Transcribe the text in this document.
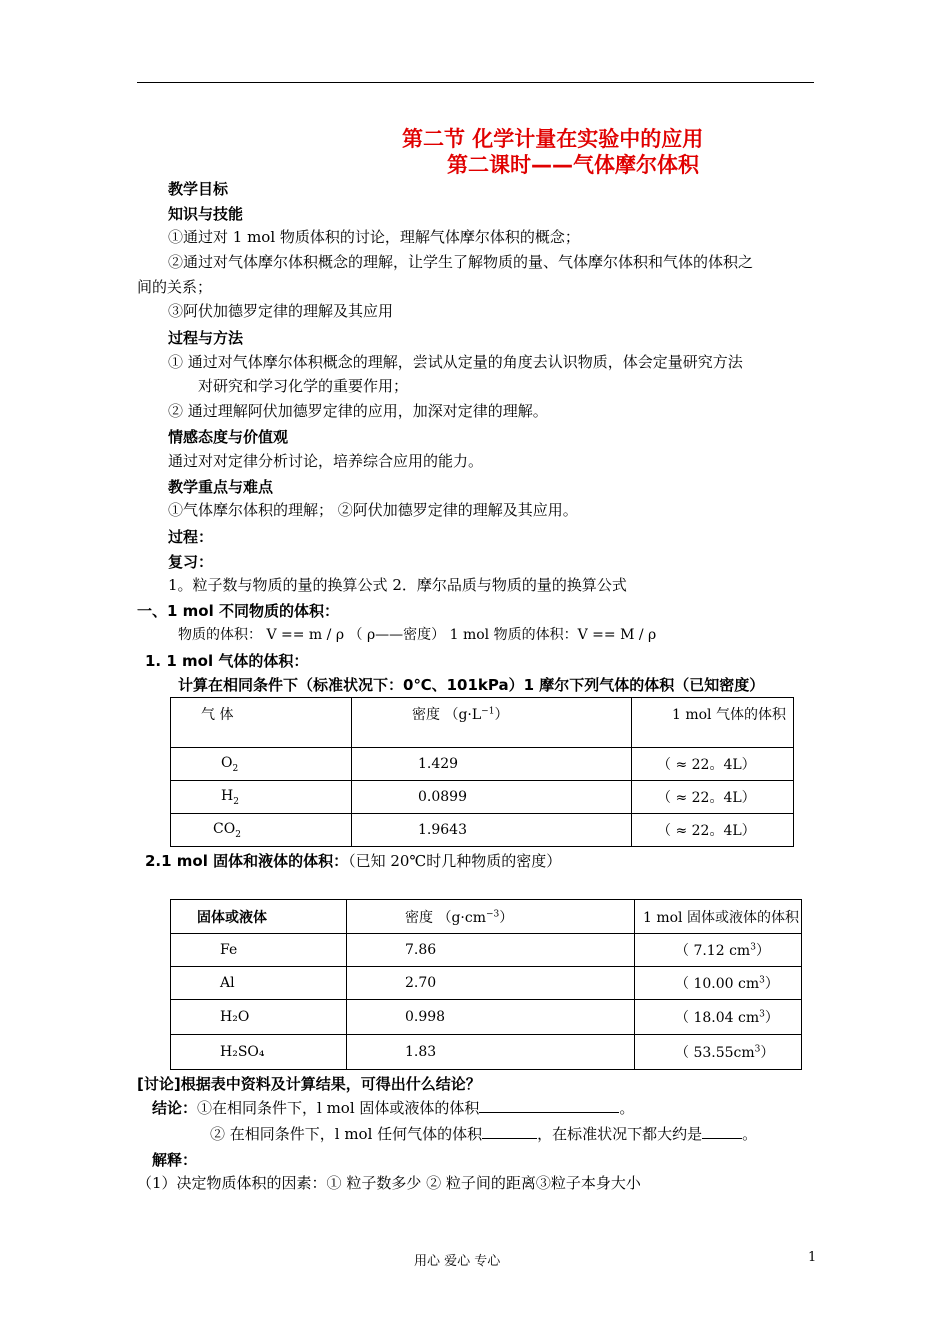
第二节 化学计量在实验中的应用
第二课时——气体摩尔体积
教学目标
知识与技能
①通过对 1 mol 物质体积的讨论，理解气体摩尔体积的概念；
②通过对气体摩尔体积概念的理解，让学生了解物质的量、气体摩尔体积和气体的体积之
间的关系；
③阿伏加德罗定律的理解及其应用
过程与方法
① 通过对气体摩尔体积概念的理解，尝试从定量的角度去认识物质，体会定量研究方法
对研究和学习化学的重要作用；
② 通过理解阿伏加德罗定律的应用，加深对定律的理解。
情感态度与价值观
通过对对定律分析讨论，培养综合应用的能力。
教学重点与难点
①气体摩尔体积的理解； ②阿伏加德罗定律的理解及其应用。
过程：
复习：
1。粒子数与物质的量的换算公式 2．摩尔品质与物质的量的换算公式
一、1 mol 不同物质的体积：
物质的体积： V == m / ρ （ ρ——密度） 1 mol 物质的体积：V == M / ρ
1. 1 mol 气体的体积：
计算在相同条件下（标准状况下：0℃、101kPa）1 摩尔下列气体的体积（已知密度）
气 体	密度 $(g\cdot L^{-1})$	1 mol 气体的体积
$O_2$	1.429	（ ≈ 22。4L）
$H_2$	0.0899	（ ≈ 22。4L）
$CO_2$	1.9643	（ ≈ 22。4L）
2.1 mol 固体和液体的体积：（已知 20℃时几种物质的密度）
固体或液体	密度 $(g\cdot cm^{-3})$	1 mol 固体或液体的体积
Fe	7.86	（ 7.12 $cm^3$）
Al	2.70	（ 10.00 $cm^3$）
H₂O	0.998	（ 18.04 $cm^3$）
H₂SO₄	1.83	（ $53.55cm^3$）
[讨论]根据表中资料及计算结果，可得出什么结论？
结论：①在相同条件下，l mol 固体或液体的体积	。
② 在相同条件下，l mol 任何气体的体积	，在标准状况下都大约是	。
解释：
（1）决定物质体积的因素：① 粒子数多少 ② 粒子间的距离③粒子本身大小
用心 爱心 专心	1
